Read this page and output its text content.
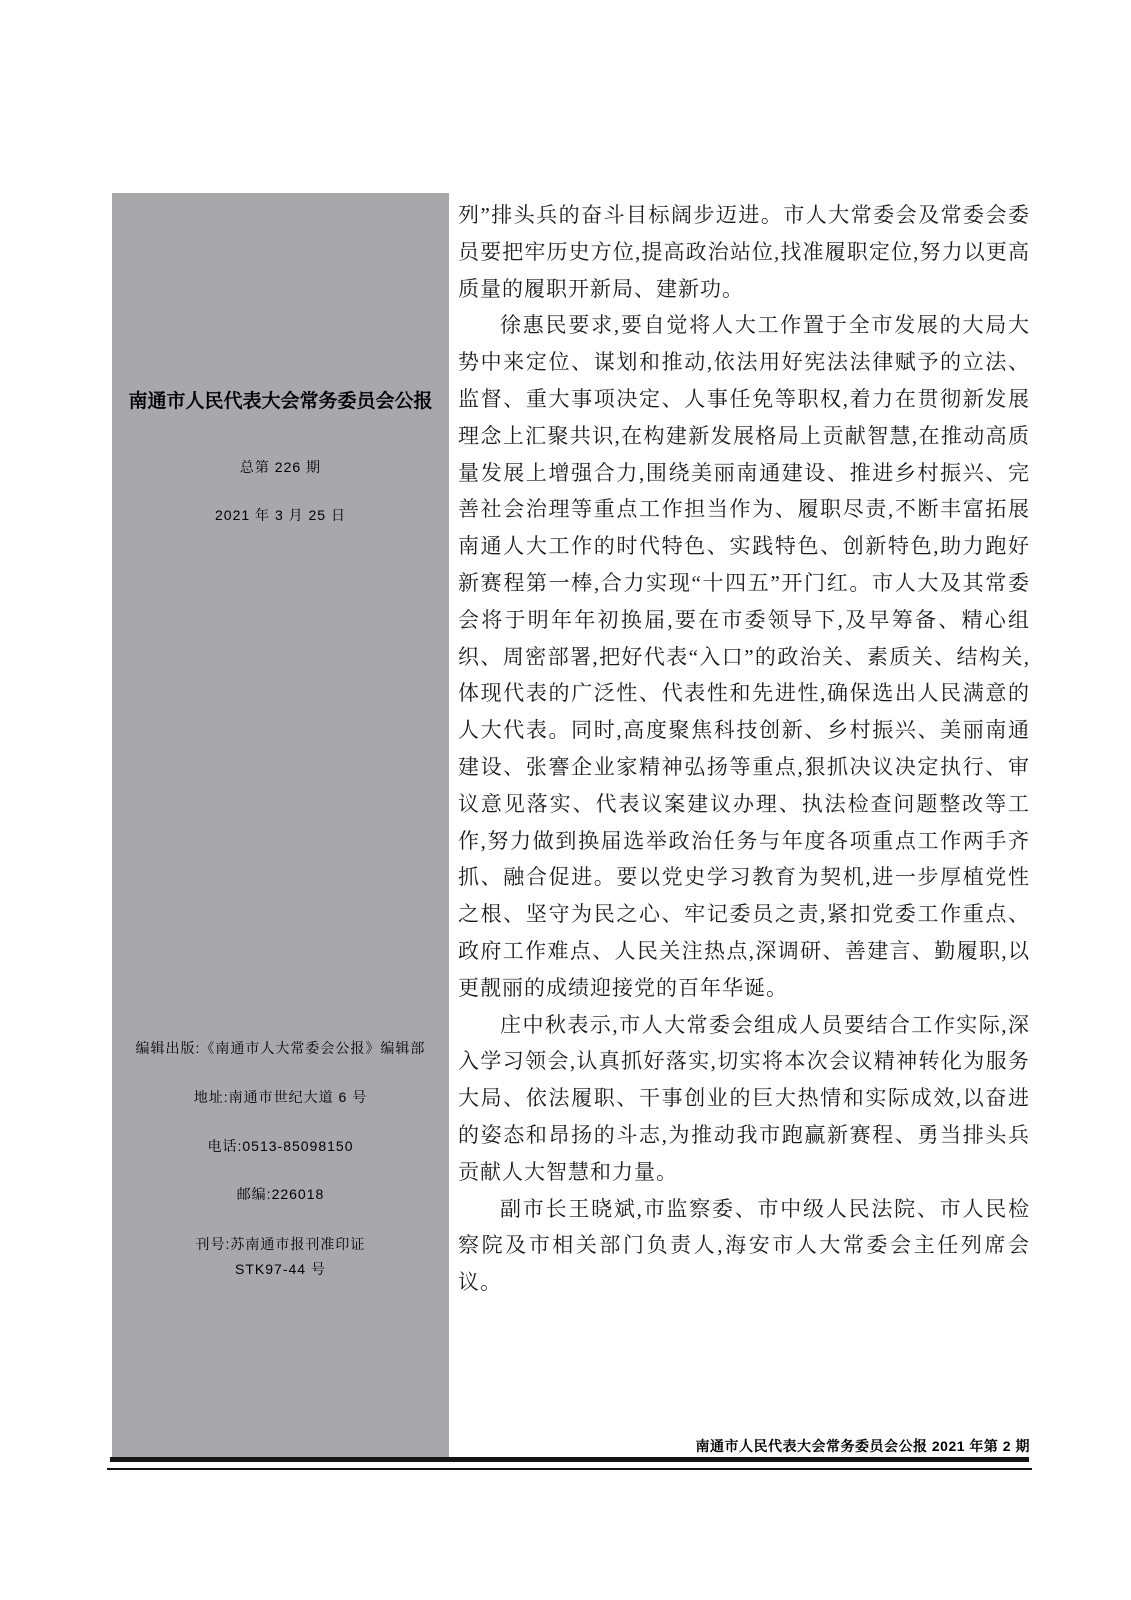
南通市人民代表大会常务委员会公报
总第 226 期
2021 年 3 月 25 日
编辑出版:《南通市人大常委会公报》编辑部
地址:南通市世纪大道 6 号
电话:0513-85098150
邮编:226018
刊号:苏南通市报刊准印证
STK97-44 号

列”排头兵的奋斗目标阔步迈进。市人大常委会及常委会委员要把牢历史方位,提高政治站位,找准履职定位,努力以更高质量的履职开新局、建新功。

徐惠民要求,要自觉将人大工作置于全市发展的大局大势中来定位、谋划和推动,依法用好宪法法律赋予的立法、监督、重大事项决定、人事任免等职权,着力在贯彻新发展理念上汇聚共识,在构建新发展格局上贡献智慧,在推动高质量发展上增强合力,围绕美丽南通建设、推进乡村振兴、完善社会治理等重点工作担当作为、履职尽责,不断丰富拓展南通人大工作的时代特色、实践特色、创新特色,助力跑好新赛程第一棒,合力实现“十四五”开门红。市人大及其常委会将于明年年初换届,要在市委领导下,及早筹备、精心组织、周密部署,把好代表“入口”的政治关、素质关、结构关,体现代表的广泛性、代表性和先进性,确保选出人民满意的人大代表。同时,高度聚焦科技创新、乡村振兴、美丽南通建设、张謇企业家精神弘扬等重点,狠抓决议决定执行、审议意见落实、代表议案建议办理、执法检查问题整改等工作,努力做到换届选举政治任务与年度各项重点工作两手齐抓、融合促进。要以党史学习教育为契机,进一步厚植党性之根、坚守为民之心、牢记委员之责,紧扣党委工作重点、政府工作难点、人民关注热点,深调研、善建言、勤履职,以更靓丽的成绩迎接党的百年华诞。

庄中秋表示,市人大常委会组成人员要结合工作实际,深入学习领会,认真抓好落实,切实将本次会议精神转化为服务大局、依法履职、干事创业的巨大热情和实际成效,以奋进的姿态和昂扬的斗志,为推动我市跑赢新赛程、勇当排头兵贡献人大智慧和力量。

副市长王晓斌,市监察委、市中级人民法院、市人民检察院及市相关部门负责人,海安市人大常委会主任列席会议。

南通市人民代表大会常务委员会公报 2021 年第 2 期
